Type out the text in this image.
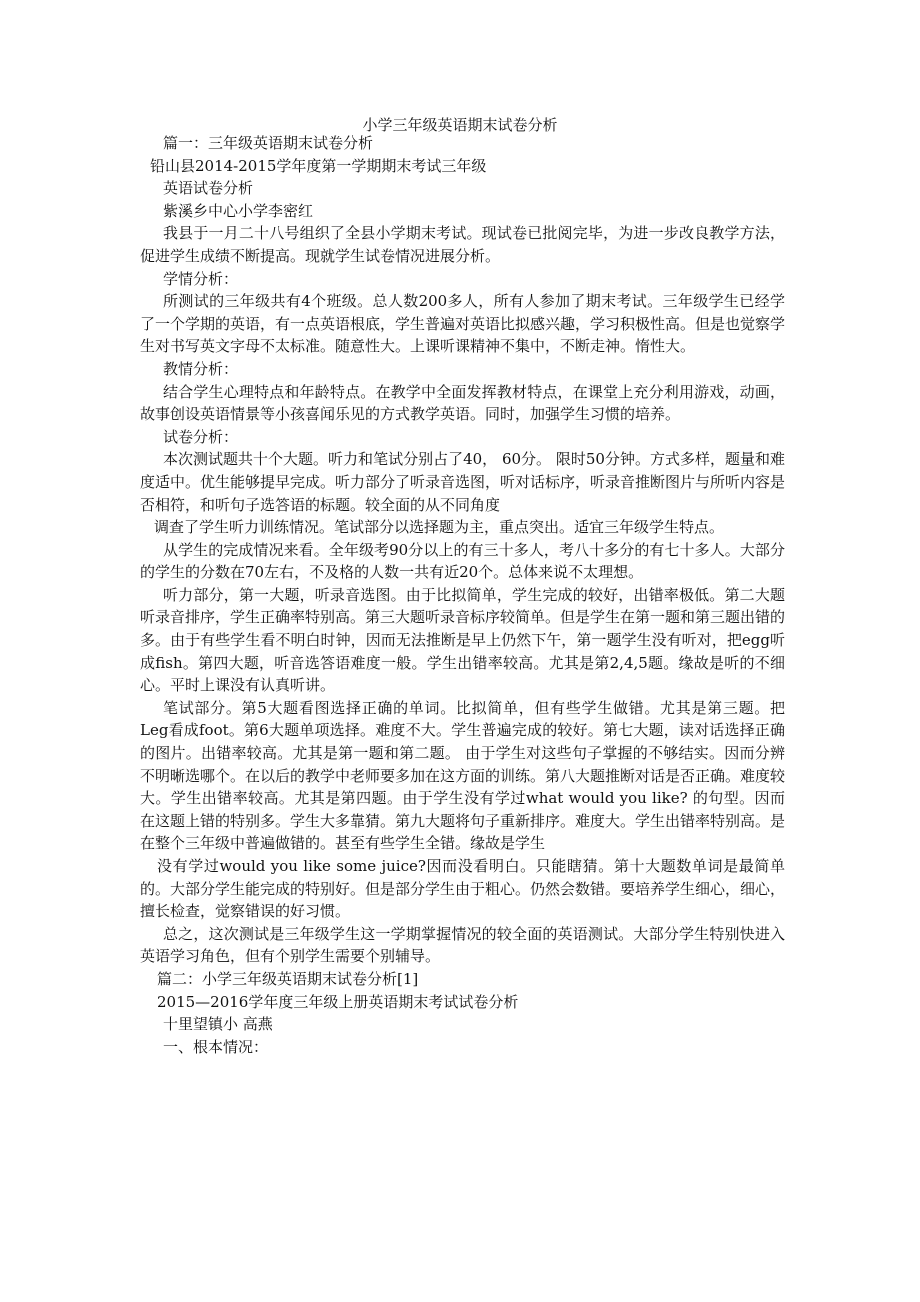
小学三年级英语期末试卷分析

篇一：三年级英语期末试卷分析

铅山县2014-2015学年度第一学期期末考试三年级

英语试卷分析

紫溪乡中心小学李密红

我县于一月二十八号组织了全县小学期末考试。现试卷已批阅完毕，为进一步改良教学方法，促进学生成绩不断提高。现就学生试卷情况进展分析。

学情分析：

所测试的三年级共有4个班级。总人数200多人，所有人参加了期末考试。三年级学生已经学了一个学期的英语，有一点英语根底，学生普遍对英语比拟感兴趣，学习积极性高。但是也觉察学生对书写英文字母不太标准。随意性大。上课听课精神不集中，不断走神。惰性大。

教情分析：

结合学生心理特点和年龄特点。在教学中全面发挥教材特点，在课堂上充分利用游戏，动画，故事创设英语情景等小孩喜闻乐见的方式教学英语。同时，加强学生习惯的培养。

试卷分析：

本次测试题共十个大题。听力和笔试分别占了40， 60分。 限时50分钟。方式多样，题量和难度适中。优生能够提早完成。听力部分了听录音选图，听对话标序，听录音推断图片与所听内容是否相符，和听句子选答语的标题。较全面的从不同角度

调查了学生听力训练情况。笔试部分以选择题为主，重点突出。适宜三年级学生特点。

从学生的完成情况来看。全年级考90分以上的有三十多人，考八十多分的有七十多人。大部分的学生的分数在70左右，不及格的人数一共有近20个。总体来说不太理想。

听力部分，第一大题，听录音选图。由于比拟简单，学生完成的较好，出错率极低。第二大题听录音排序，学生正确率特别高。第三大题听录音标序较简单。但是学生在第一题和第三题出错的多。由于有些学生看不明白时钟，因而无法推断是早上仍然下午，第一题学生没有听对，把egg听成fish。第四大题，听音选答语难度一般。学生出错率较高。尤其是第2,4,5题。缘故是听的不细心。平时上课没有认真听讲。

笔试部分。第5大题看图选择正确的单词。比拟简单，但有些学生做错。尤其是第三题。把Leg看成foot。第6大题单项选择。难度不大。学生普遍完成的较好。第七大题，读对话选择正确的图片。出错率较高。尤其是第一题和第二题。 由于学生对这些句子掌握的不够结实。因而分辨不明晰选哪个。在以后的教学中老师要多加在这方面的训练。第八大题推断对话是否正确。难度较大。学生出错率较高。尤其是第四题。由于学生没有学过what would you like? 的句型。因而在这题上错的特别多。学生大多靠猜。第九大题将句子重新排序。难度大。学生出错率特别高。是在整个三年级中普遍做错的。甚至有些学生全错。缘故是学生

没有学过would you like some juice?因而没看明白。只能瞎猜。第十大题数单词是最简单的。大部分学生能完成的特别好。但是部分学生由于粗心。仍然会数错。要培养学生细心，细心，擅长检查，觉察错误的好习惯。

总之，这次测试是三年级学生这一学期掌握情况的较全面的英语测试。大部分学生特别快进入英语学习角色，但有个别学生需要个别辅导。

篇二：小学三年级英语期末试卷分析[1]

2015—2016学年度三年级上册英语期末考试试卷分析

十里望镇小 高燕

一、根本情况：
